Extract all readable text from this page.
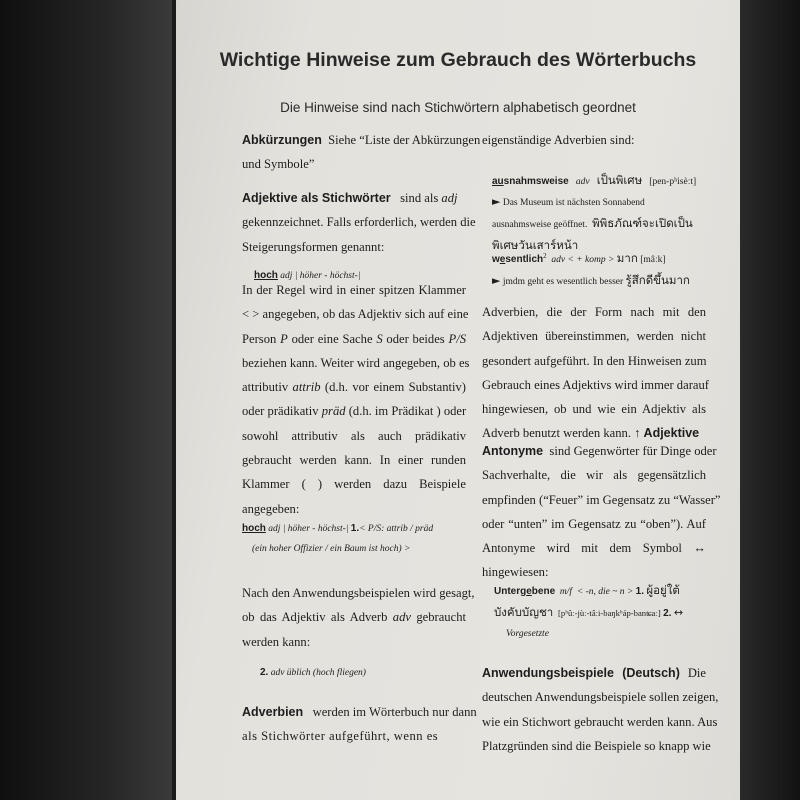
Wichtige Hinweise zum Gebrauch des Wörterbuchs
Die Hinweise sind nach Stichwörtern alphabetisch geordnet
Abkürzungen Siehe “Liste der Abkürzungen
und Symbole”
Adjektive als Stichwörter sind als adj
gekennzeichnet. Falls erforderlich, werden die
Steigerungsformen genannt:
hoch adj | höher - höchst-|
In der Regel wird in einer spitzen Klammer
< > angegeben, ob das Adjektiv sich auf eine
Person P oder eine Sache S oder beides P/S
beziehen kann. Weiter wird angegeben, ob es
attributiv attrib (d.h. vor einem Substantiv)
oder prädikativ präd (d.h. im Prädikat ) oder
sowohl attributiv als auch prädikativ
gebraucht werden kann. In einer runden
Klammer ( ) werden dazu Beispiele
angegeben:
hoch adj | höher - höchst-| 1.< P/S: attrib / präd
(ein hoher Offizier / ein Baum ist hoch) >
Nach den Anwendungsbeispielen wird gesagt,
ob das Adjektiv als Adverb adv gebraucht
werden kann:
2. adv üblich (hoch fliegen)
Adverbien werden im Wörterbuch nur dann
als Stichwörter aufgeführt, wenn es
eigenständige Adverbien sind:
ausnahmsweise adv เป็นพิเศษ [pen-pʰisèːt]
► Das Museum ist nächsten Sonnabend
ausnahmsweise geöffnet. พิพิธภัณฑ์จะเปิดเป็น
พิเศษวันเสาร์หน้า
wesentlich$^2$ adv < + komp > มาก [mâːk]
► jmdm geht es wesentlich besser รู้สึกดีขึ้นมาก
Adverbien, die der Form nach mit den
Adjektiven übereinstimmen, werden nicht
gesondert aufgeführt. In den Hinweisen zum
Gebrauch eines Adjektivs wird immer darauf
hingewiesen, ob und wie ein Adjektiv als
Adverb benutzt werden kann. ↑ Adjektive
Antonyme sind Gegenwörter für Dinge oder
Sachverhalte, die wir als gegensätzlich
empfinden (“Feuer” im Gegensatz zu “Wasser”
oder “unten” im Gegensatz zu “oben”). Auf
Antonyme wird mit dem Symbol ↔
hingewiesen:
Untergebene m/f < -n, die ~ n > 1. ผู้อยู่ใต้
บังคับบัญชา [pʰûː-jùː-tâːi-baŋkʰáp-banʨaː] 2. ↔
Vorgesetzte
Anwendungsbeispiele (Deutsch) Die
deutschen Anwendungsbeispiele sollen zeigen,
wie ein Stichwort gebraucht werden kann. Aus
Platzgründen sind die Beispiele so knapp wie
